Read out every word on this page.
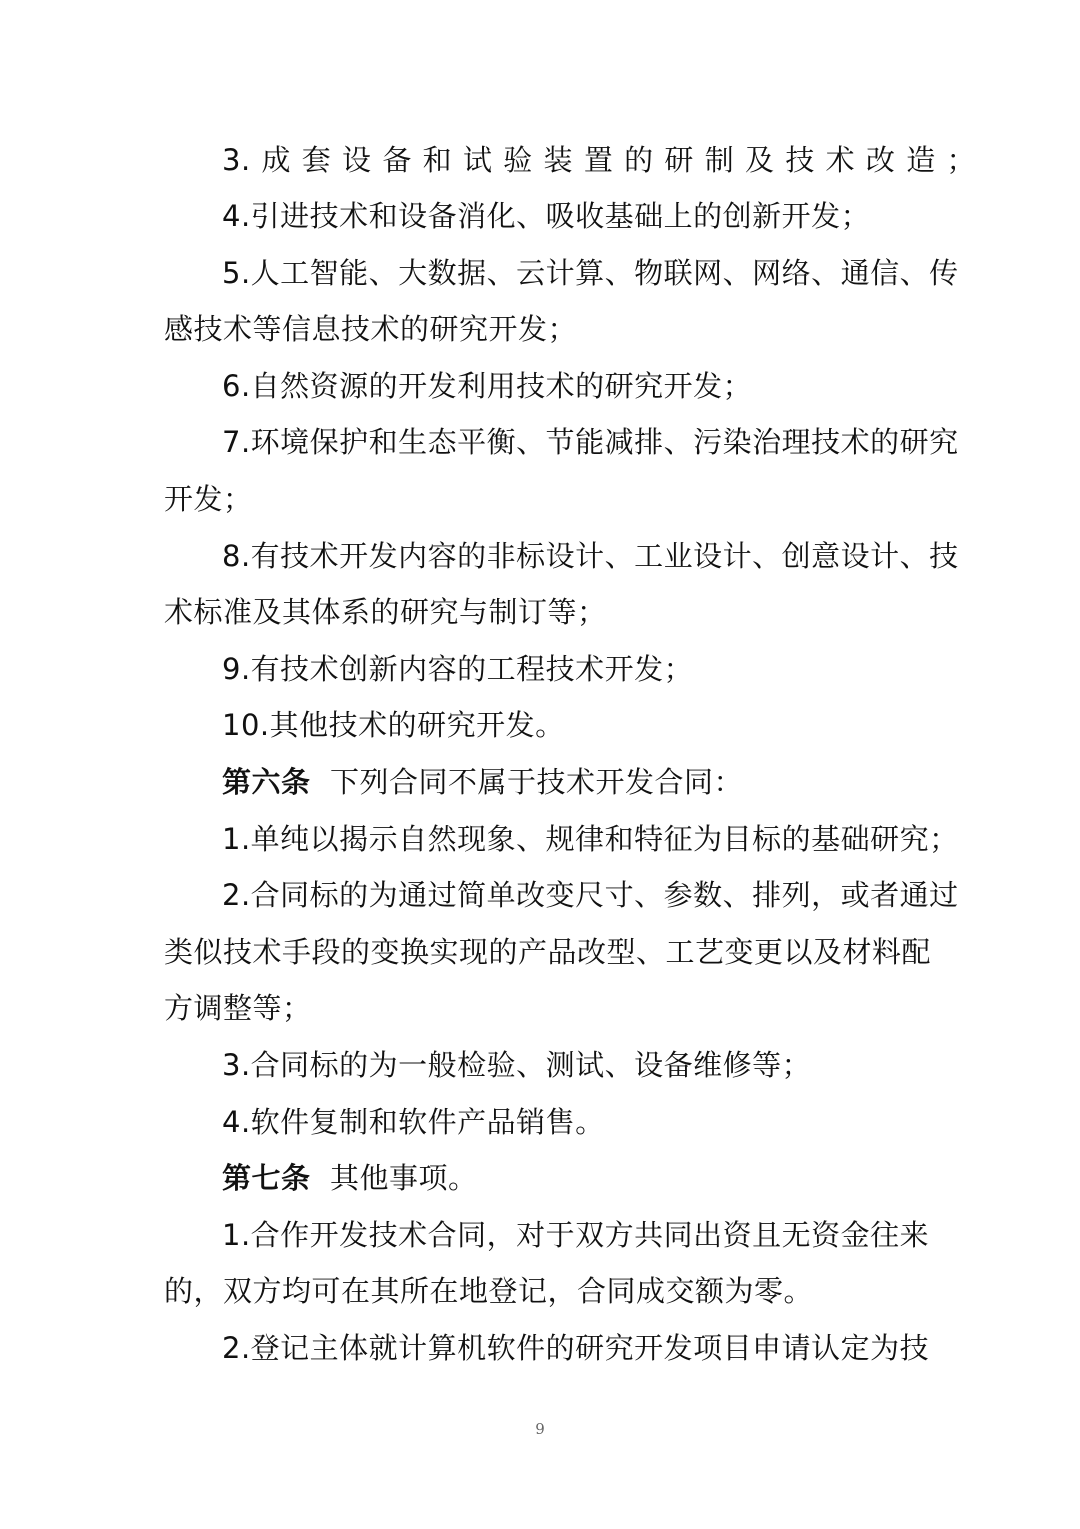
3.成套设备和试验装置的研制及技术改造；
4.引进技术和设备消化、吸收基础上的创新开发；
5.人工智能、大数据、云计算、物联网、网络、通信、传
感技术等信息技术的研究开发；
6.自然资源的开发利用技术的研究开发；
7.环境保护和生态平衡、节能减排、污染治理技术的研究
开发；
8.有技术开发内容的非标设计、工业设计、创意设计、技
术标准及其体系的研究与制订等；
9.有技术创新内容的工程技术开发；
10.其他技术的研究开发。
第六条 下列合同不属于技术开发合同：
1.单纯以揭示自然现象、规律和特征为目标的基础研究；
2.合同标的为通过简单改变尺寸、参数、排列，或者通过
类似技术手段的变换实现的产品改型、工艺变更以及材料配
方调整等；
3.合同标的为一般检验、测试、设备维修等；
4.软件复制和软件产品销售。
第七条 其他事项。
1.合作开发技术合同，对于双方共同出资且无资金往来
的，双方均可在其所在地登记，合同成交额为零。
2.登记主体就计算机软件的研究开发项目申请认定为技
9
